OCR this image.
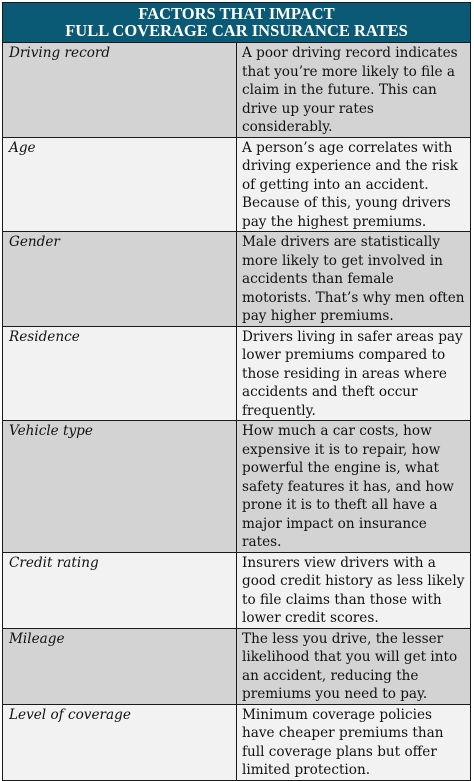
FACTORS THAT IMPACT
FULL COVERAGE CAR INSURANCE RATES	

Driving record	A poor driving record indicates that you’re more likely to file a claim in the future. This can drive up your rates considerably.
Age	A person’s age correlates with driving experience and the risk of getting into an accident. Because of this, young drivers pay the highest premiums.
Gender	Male drivers are statistically more likely to get involved in accidents than female motorists. That’s why men often pay higher premiums.
Residence	Drivers living in safer areas pay lower premiums compared to those residing in areas where accidents and theft occur frequently.
Vehicle type	How much a car costs, how expensive it is to repair, how powerful the engine is, what safety features it has, and how prone it is to theft all have a major impact on insurance rates.
Credit rating	Insurers view drivers with a good credit history as less likely to file claims than those with lower credit scores.
Mileage	The less you drive, the lesser likelihood that you will get into an accident, reducing the premiums you need to pay.
Level of coverage	Minimum coverage policies have cheaper premiums than full coverage plans but offer limited protection.
